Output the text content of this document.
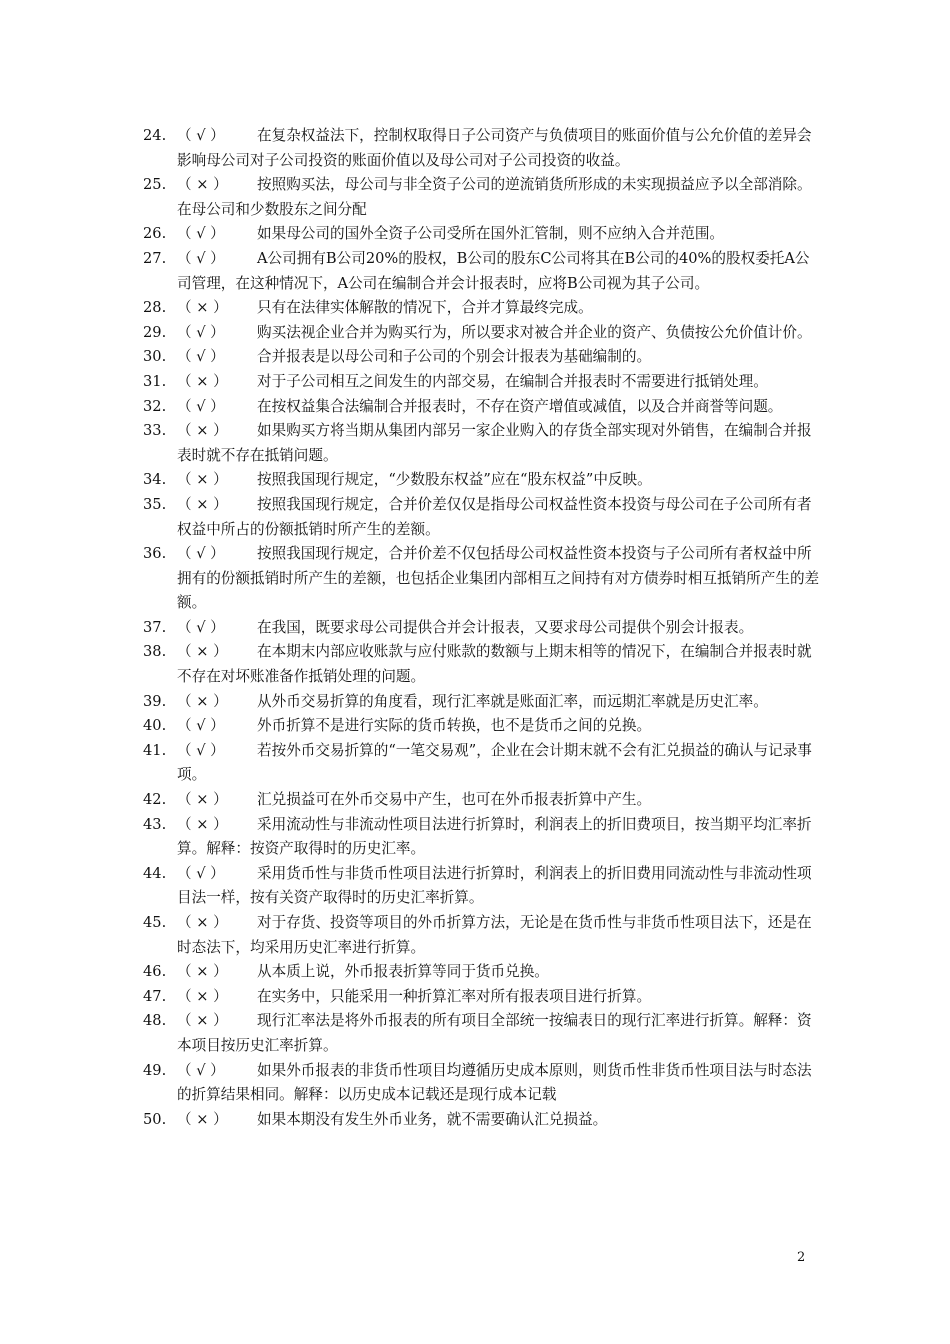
24. （ √ ） 在复杂权益法下，控制权取得日子公司资产与负债项目的账面价值与公允价值的差异会影响母公司对子公司投资的账面价值以及母公司对子公司投资的收益。
25. （ × ） 按照购买法，母公司与非全资子公司的逆流销货所形成的未实现损益应予以全部消除。在母公司和少数股东之间分配
26. （ √ ） 如果母公司的国外全资子公司受所在国外汇管制，则不应纳入合并范围。
27. （ √ ） A公司拥有B公司20%的股权，B公司的股东C公司将其在B公司的40%的股权委托A公司管理，在这种情况下，A公司在编制合并会计报表时，应将B公司视为其子公司。
28. （ × ） 只有在法律实体解散的情况下，合并才算最终完成。
29. （ √ ） 购买法视企业合并为购买行为，所以要求对被合并企业的资产、负债按公允价值计价。
30. （ √ ） 合并报表是以母公司和子公司的个别会计报表为基础编制的。
31. （ × ） 对于子公司相互之间发生的内部交易，在编制合并报表时不需要进行抵销处理。
32. （ √ ） 在按权益集合法编制合并报表时，不存在资产增值或减值，以及合并商誉等问题。
33. （ × ） 如果购买方将当期从集团内部另一家企业购入的存货全部实现对外销售，在编制合并报表时就不存在抵销问题。
34. （ × ） 按照我国现行规定，“少数股东权益”应在“股东权益”中反映。
35. （ × ） 按照我国现行规定，合并价差仅仅是指母公司权益性资本投资与母公司在子公司所有者权益中所占的份额抵销时所产生的差额。
36. （ √ ） 按照我国现行规定，合并价差不仅包括母公司权益性资本投资与子公司所有者权益中所拥有的份额抵销时所产生的差额，也包括企业集团内部相互之间持有对方债券时相互抵销所产生的差额。
37. （ √ ） 在我国，既要求母公司提供合并会计报表，又要求母公司提供个别会计报表。
38. （ × ） 在本期末内部应收账款与应付账款的数额与上期末相等的情况下，在编制合并报表时就不存在对坏账准备作抵销处理的问题。
39. （ × ） 从外币交易折算的角度看，现行汇率就是账面汇率，而远期汇率就是历史汇率。
40. （ √ ） 外币折算不是进行实际的货币转换，也不是货币之间的兑换。
41. （ √ ） 若按外币交易折算的“一笔交易观”，企业在会计期末就不会有汇兑损益的确认与记录事项。
42. （ × ） 汇兑损益可在外币交易中产生，也可在外币报表折算中产生。
43. （ × ） 采用流动性与非流动性项目法进行折算时，利润表上的折旧费项目，按当期平均汇率折算。解释：按资产取得时的历史汇率。
44. （ √ ） 采用货币性与非货币性项目法进行折算时，利润表上的折旧费用同流动性与非流动性项目法一样，按有关资产取得时的历史汇率折算。
45. （ × ） 对于存货、投资等项目的外币折算方法，无论是在货币性与非货币性项目法下，还是在时态法下，均采用历史汇率进行折算。
46. （ × ） 从本质上说，外币报表折算等同于货币兑换。
47. （ × ） 在实务中，只能采用一种折算汇率对所有报表项目进行折算。
48. （ × ） 现行汇率法是将外币报表的所有项目全部统一按编表日的现行汇率进行折算。解释：资本项目按历史汇率折算。
49. （ √ ） 如果外币报表的非货币性项目均遵循历史成本原则，则货币性非货币性项目法与时态法的折算结果相同。解释：以历史成本记载还是现行成本记载
50. （ × ） 如果本期没有发生外币业务，就不需要确认汇兑损益。
2
